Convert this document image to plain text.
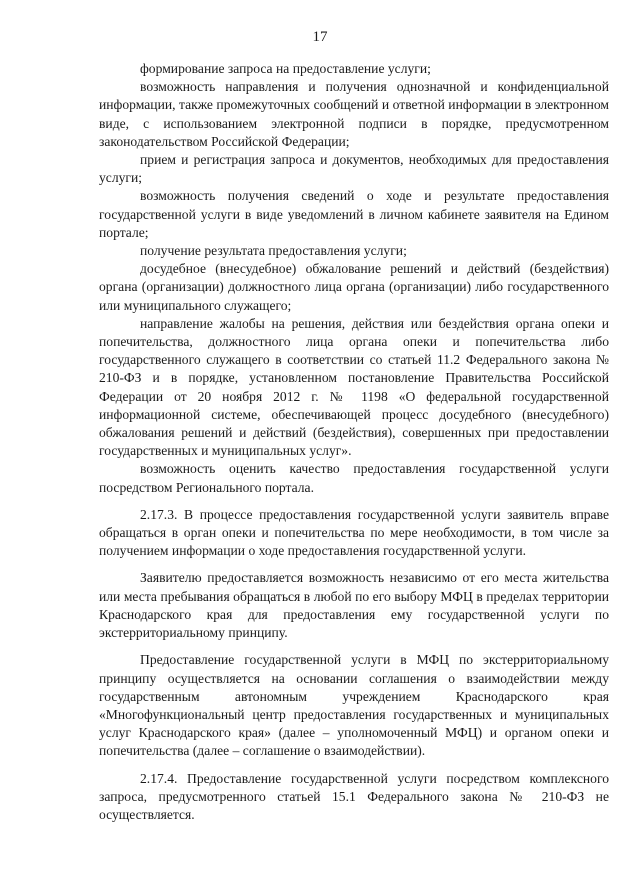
17

формирование запроса на предоставление услуги;

возможность направления и получения однозначной и конфиденциальной информации, также промежуточных сообщений и ответной информации в электронном виде, с использованием электронной подписи в порядке, предусмотренном законодательством Российской Федерации;

прием и регистрация запроса и документов, необходимых для предоставления услуги;

возможность получения сведений о ходе и результате предоставления государственной услуги в виде уведомлений в личном кабинете заявителя на Едином портале;

получение результата предоставления услуги;

досудебное (внесудебное) обжалование решений и действий (бездействия) органа (организации) должностного лица органа (организации) либо государственного или муниципального служащего;

направление жалобы на решения, действия или бездействия органа опеки и попечительства, должностного лица органа опеки и попечительства либо государственного служащего в соответствии со статьей 11.2 Федерального закона № 210-ФЗ и в порядке, установленном постановление Правительства Российской Федерации от 20 ноября 2012 г. № 1198 «О федеральной государственной информационной системе, обеспечивающей процесс досудебного (внесудебного) обжалования решений и действий (бездействия), совершенных при предоставлении государственных и муниципальных услуг».

возможность оценить качество предоставления государственной услуги посредством Регионального портала.

2.17.3. В процессе предоставления государственной услуги заявитель вправе обращаться в орган опеки и попечительства по мере необходимости, в том числе за получением информации о ходе предоставления государственной услуги.

Заявителю предоставляется возможность независимо от его места жительства или места пребывания обращаться в любой по его выбору МФЦ в пределах территории Краснодарского края для предоставления ему государственной услуги по экстерриториальному принципу.

Предоставление государственной услуги в МФЦ по экстерриториальному принципу осуществляется на основании соглашения о взаимодействии между государственным автономным учреждением Краснодарского края «Многофункциональный центр предоставления государственных и муниципальных услуг Краснодарского края» (далее – уполномоченный МФЦ) и органом опеки и попечительства (далее – соглашение о взаимодействии).

2.17.4. Предоставление государственной услуги посредством комплексного запроса, предусмотренного статьей 15.1 Федерального закона № 210-ФЗ не осуществляется.
